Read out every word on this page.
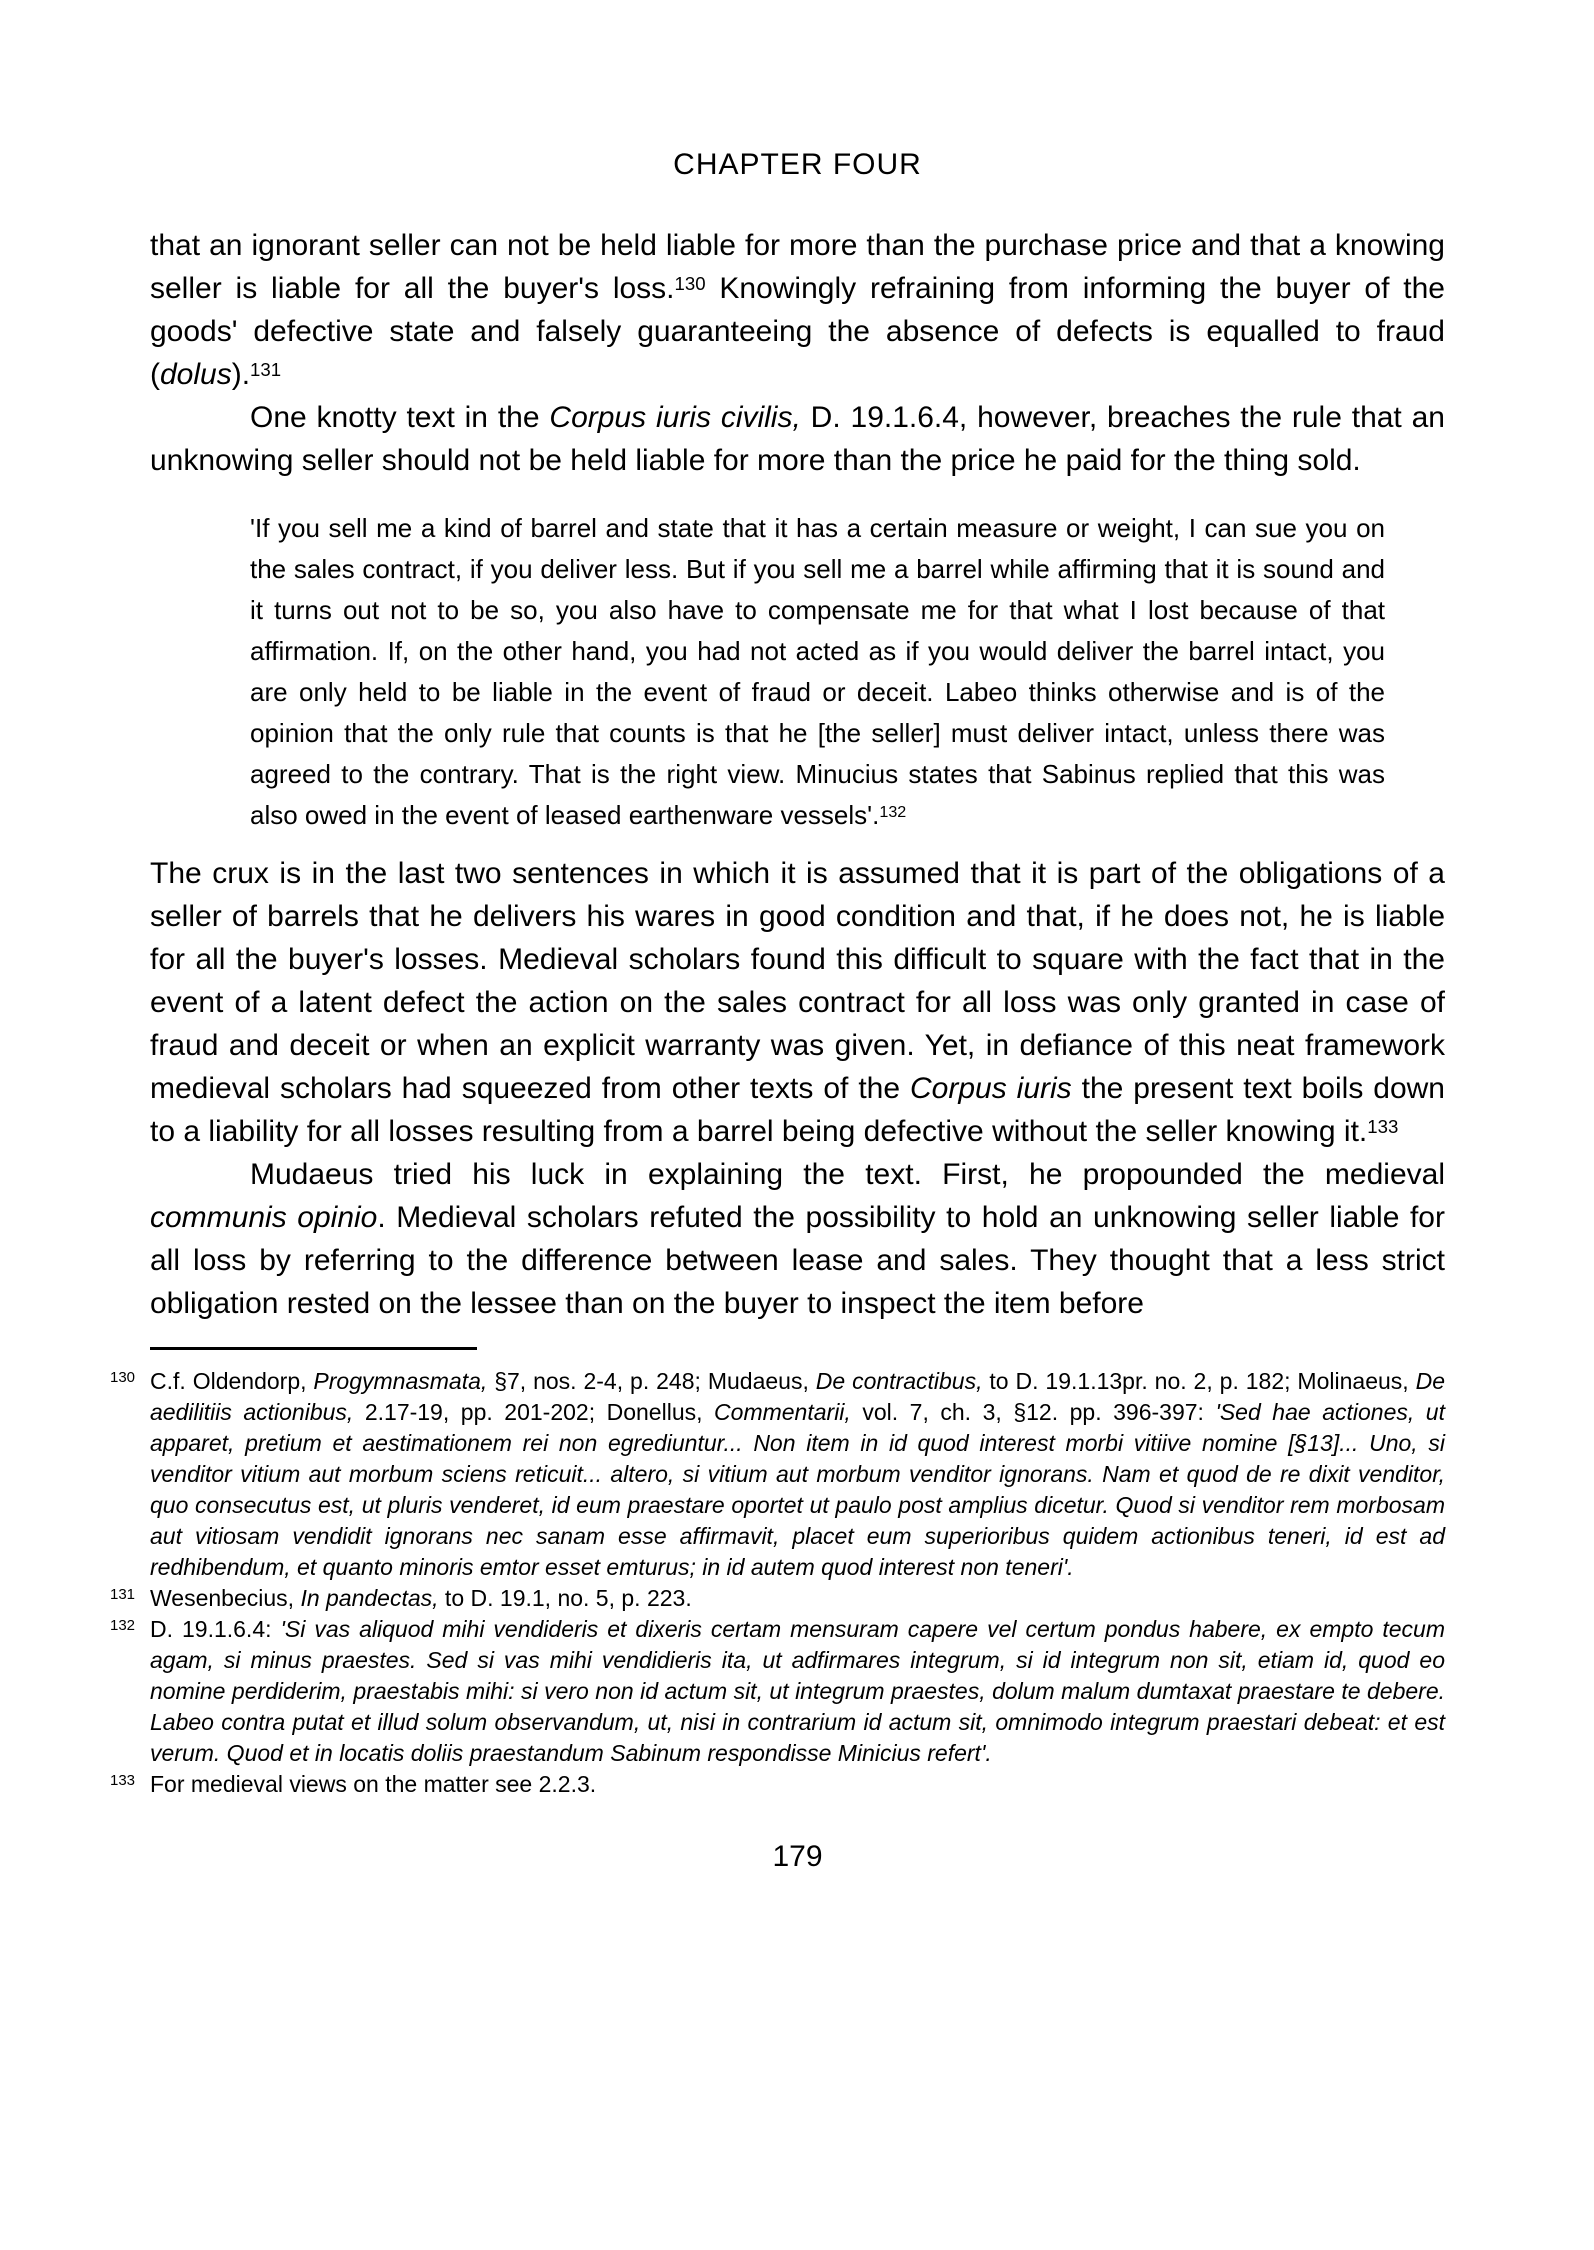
CHAPTER FOUR

that an ignorant seller can not be held liable for more than the purchase price and that a knowing seller is liable for all the buyer's loss.$^{130}$ Knowingly refraining from informing the buyer of the goods' defective state and falsely guaranteeing the absence of defects is equalled to fraud (dolus).$^{131}$

One knotty text in the Corpus iuris civilis, D. 19.1.6.4, however, breaches the rule that an unknowing seller should not be held liable for more than the price he paid for the thing sold.

'If you sell me a kind of barrel and state that it has a certain measure or weight, I can sue you on the sales contract, if you deliver less. But if you sell me a barrel while affirming that it is sound and it turns out not to be so, you also have to compensate me for that what I lost because of that affirmation. If, on the other hand, you had not acted as if you would deliver the barrel intact, you are only held to be liable in the event of fraud or deceit. Labeo thinks otherwise and is of the opinion that the only rule that counts is that he [the seller] must deliver intact, unless there was agreed to the contrary. That is the right view. Minucius states that Sabinus replied that this was also owed in the event of leased earthenware vessels'.$^{132}$

The crux is in the last two sentences in which it is assumed that it is part of the obligations of a seller of barrels that he delivers his wares in good condition and that, if he does not, he is liable for all the buyer's losses. Medieval scholars found this difficult to square with the fact that in the event of a latent defect the action on the sales contract for all loss was only granted in case of fraud and deceit or when an explicit warranty was given. Yet, in defiance of this neat framework medieval scholars had squeezed from other texts of the Corpus iuris the present text boils down to a liability for all losses resulting from a barrel being defective without the seller knowing it.$^{133}$

Mudaeus tried his luck in explaining the text. First, he propounded the medieval communis opinio. Medieval scholars refuted the possibility to hold an unknowing seller liable for all loss by referring to the difference between lease and sales. They thought that a less strict obligation rested on the lessee than on the buyer to inspect the item before

130 C.f. Oldendorp, Progymnasmata, §7, nos. 2-4, p. 248; Mudaeus, De contractibus, to D. 19.1.13pr. no. 2, p. 182; Molinaeus, De aedilitiis actionibus, 2.17-19, pp. 201-202; Donellus, Commentarii, vol. 7, ch. 3, §12. pp. 396-397: 'Sed hae actiones, ut apparet, pretium et aestimationem rei non egrediuntur... Non item in id quod interest morbi vitiive nomine [§13]... Uno, si venditor vitium aut morbum sciens reticuit... altero, si vitium aut morbum venditor ignorans. Nam et quod de re dixit venditor, quo consecutus est, ut pluris venderet, id eum praestare oportet ut paulo post amplius dicetur. Quod si venditor rem morbosam aut vitiosam vendidit ignorans nec sanam esse affirmavit, placet eum superioribus quidem actionibus teneri, id est ad redhibendum, et quanto minoris emtor esset emturus; in id autem quod interest non teneri'.
131 Wesenbecius, In pandectas, to D. 19.1, no. 5, p. 223.
132 D. 19.1.6.4: 'Si vas aliquod mihi vendideris et dixeris certam mensuram capere vel certum pondus habere, ex empto tecum agam, si minus praestes. Sed si vas mihi vendidieris ita, ut adfirmares integrum, si id integrum non sit, etiam id, quod eo nomine perdiderim, praestabis mihi: si vero non id actum sit, ut integrum praestes, dolum malum dumtaxat praestare te debere. Labeo contra putat et illud solum observandum, ut, nisi in contrarium id actum sit, omnimodo integrum praestari debeat: et est verum. Quod et in locatis doliis praestandum Sabinum respondisse Minicius refert'.
133 For medieval views on the matter see 2.2.3.
179
